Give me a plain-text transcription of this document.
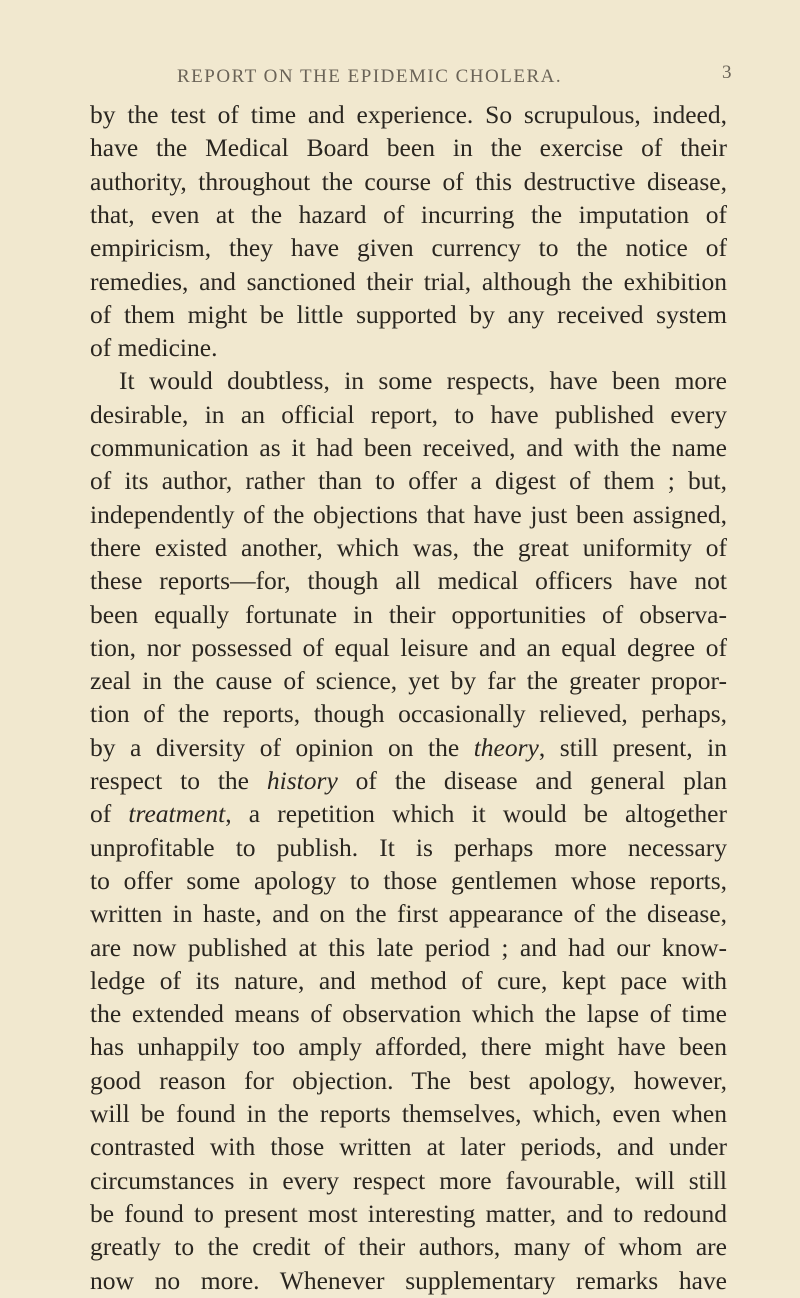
REPORT ON THE EPIDEMIC CHOLERA.	3
by the test of time and experience. So scrupulous, indeed,
have the Medical Board been in the exercise of their
authority, throughout the course of this destructive disease,
that, even at the hazard of incurring the imputation of
empiricism, they have given currency to the notice of
remedies, and sanctioned their trial, although the exhibition
of them might be little supported by any received system
of medicine.
It would doubtless, in some respects, have been more
desirable, in an official report, to have published every
communication as it had been received, and with the name
of its author, rather than to offer a digest of them ; but,
independently of the objections that have just been assigned,
there existed another, which was, the great uniformity of
these reports—for, though all medical officers have not
been equally fortunate in their opportunities of observa-
tion, nor possessed of equal leisure and an equal degree of
zeal in the cause of science, yet by far the greater propor-
tion of the reports, though occasionally relieved, perhaps,
by a diversity of opinion on the theory, still present, in
respect to the history of the disease and general plan
of treatment, a repetition which it would be altogether
unprofitable to publish. It is perhaps more necessary
to offer some apology to those gentlemen whose reports,
written in haste, and on the first appearance of the disease,
are now published at this late period ; and had our know-
ledge of its nature, and method of cure, kept pace with
the extended means of observation which the lapse of time
has unhappily too amply afforded, there might have been
good reason for objection. The best apology, however,
will be found in the reports themselves, which, even when
contrasted with those written at later periods, and under
circumstances in every respect more favourable, will still
be found to present most interesting matter, and to redound
greatly to the credit of their authors, many of whom are
now no more. Whenever supplementary remarks have
